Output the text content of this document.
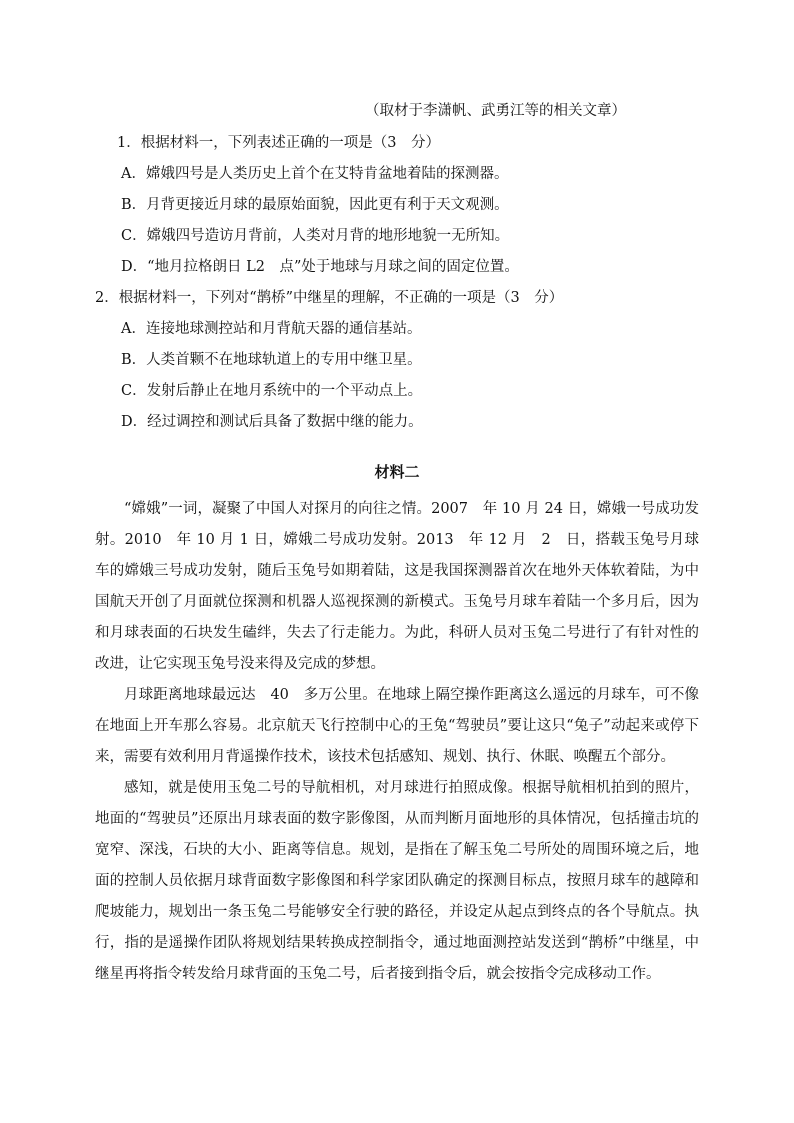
（取材于李潇帆、武勇江等的相关文章）
1．根据材料一，下列表述正确的一项是（3　分）
A．嫦娥四号是人类历史上首个在艾特肯盆地着陆的探测器。
B．月背更接近月球的最原始面貌，因此更有利于天文观测。
C．嫦娥四号造访月背前，人类对月背的地形地貌一无所知。
D．“地月拉格朗日 L2　点”处于地球与月球之间的固定位置。
2．根据材料一，下列对“鹊桥”中继星的理解，不正确的一项是（3　分）
A．连接地球测控站和月背航天器的通信基站。
B．人类首颗不在地球轨道上的专用中继卫星。
C．发射后静止在地月系统中的一个平动点上。
D．经过调控和测试后具备了数据中继的能力。
材料二

“嫦娥”一词，凝聚了中国人对探月的向往之情。2007　年 10 月 24 日，嫦娥一号成功发射。2010　年 10 月 1 日，嫦娥二号成功发射。2013　年 12 月　2　日，搭载玉兔号月球车的嫦娥三号成功发射，随后玉兔号如期着陆，这是我国探测器首次在地外天体软着陆，为中国航天开创了月面就位探测和机器人巡视探测的新模式。玉兔号月球车着陆一个多月后，因为和月球表面的石块发生磕绊，失去了行走能力。为此，科研人员对玉兔二号进行了有针对性的改进，让它实现玉兔号没来得及完成的梦想。

月球距离地球最远达　40　多万公里。在地球上隔空操作距离这么遥远的月球车，可不像在地面上开车那么容易。北京航天飞行控制中心的王兔“驾驶员”要让这只“兔子”动起来或停下来，需要有效利用月背遥操作技术，该技术包括感知、规划、执行、休眠、唤醒五个部分。

感知，就是使用玉兔二号的导航相机，对月球进行拍照成像。根据导航相机拍到的照片，地面的“驾驶员”还原出月球表面的数字影像图，从而判断月面地形的具体情况，包括撞击坑的宽窄、深浅，石块的大小、距离等信息。规划，是指在了解玉兔二号所处的周围环境之后，地面的控制人员依据月球背面数字影像图和科学家团队确定的探测目标点，按照月球车的越障和爬坡能力，规划出一条玉兔二号能够安全行驶的路径，并设定从起点到终点的各个导航点。执行，指的是遥操作团队将规划结果转换成控制指令，通过地面测控站发送到“鹊桥”中继星，中继星再将指令转发给月球背面的玉兔二号，后者接到指令后，就会按指令完成移动工作。
